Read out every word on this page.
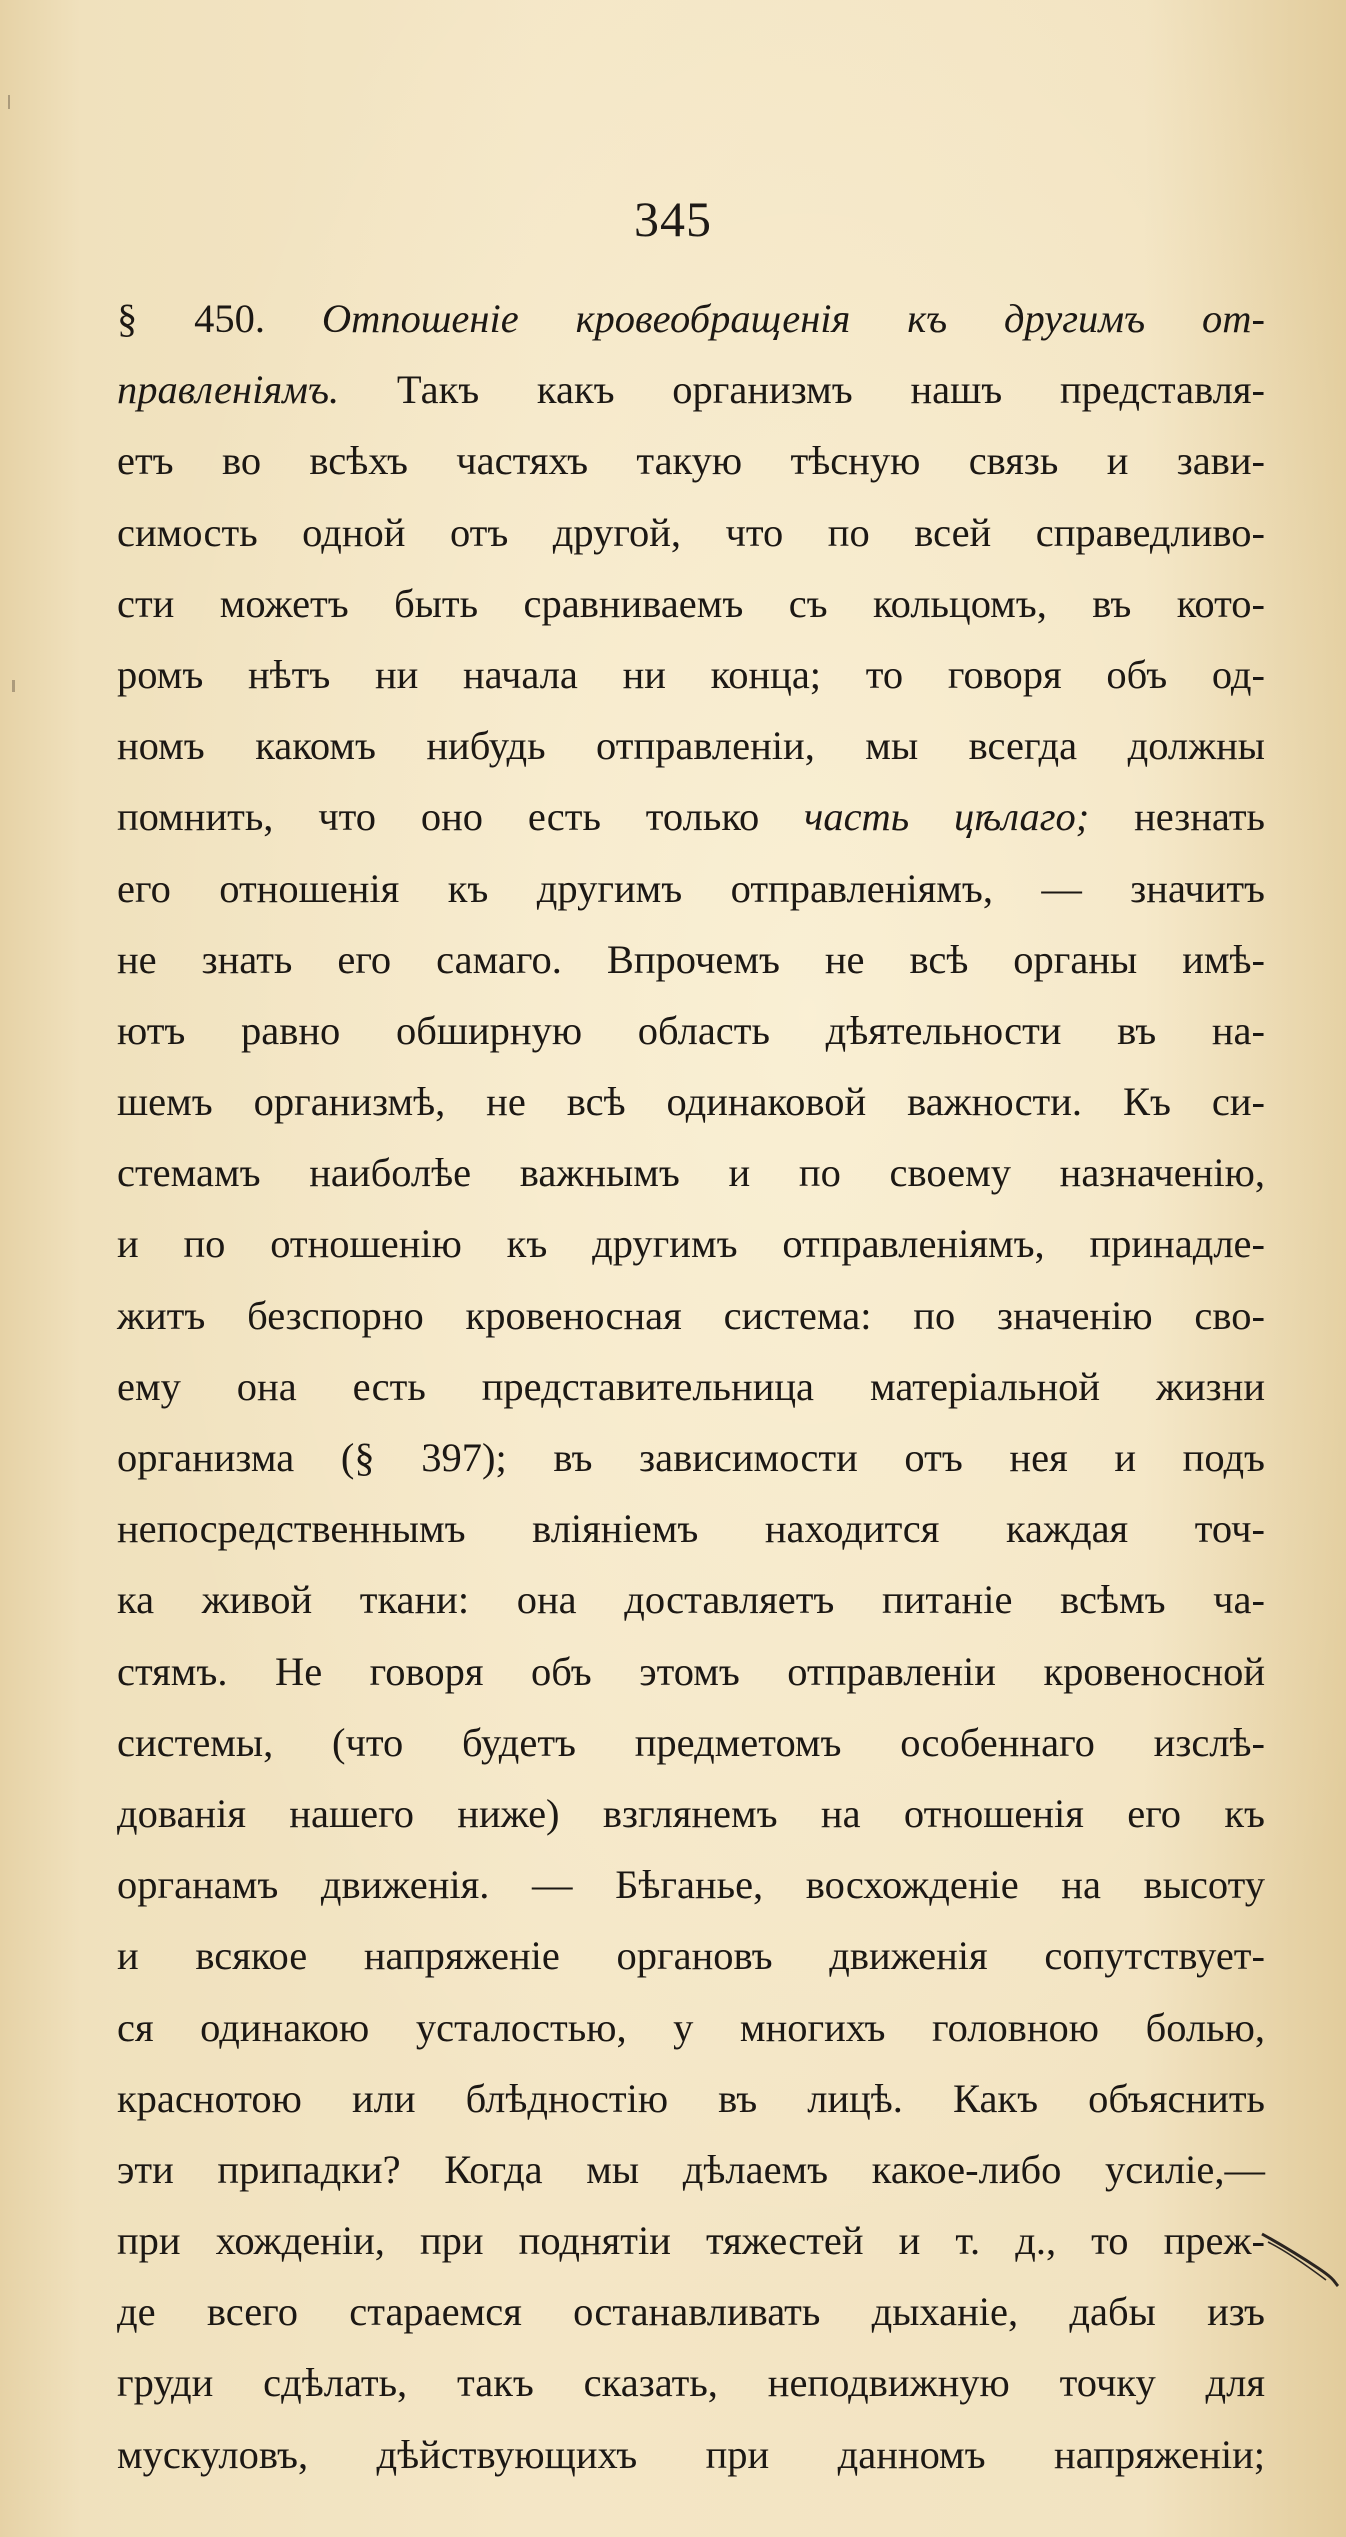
345
§ 450. Отпошеніе кровеобращенія къ другимъ от-
правленіямъ. Такъ какъ организмъ нашъ представля-
етъ во всѣхъ частяхъ такую тѣсную связь и зави-
симость одной отъ другой, что по всей справедливо-
сти можетъ быть сравниваемъ съ кольцомъ, въ кото-
ромъ нѣтъ ни начала ни конца; то говоря объ од-
номъ какомъ нибудь отправленіи, мы всегда должны
помнить, что оно есть только часть цѣлаго; незнать
его отношенія къ другимъ отправленіямъ, — значитъ
не знать его самаго. Впрочемъ не всѣ органы имѣ-
ютъ равно обширную область дѣятельности въ на-
шемъ организмѣ, не всѣ одинаковой важности. Къ си-
стемамъ наиболѣе важнымъ и по своему назначенію,
и по отношенію къ другимъ отправленіямъ, принадле-
житъ безспорно кровеносная система: по значенію сво-
ему она есть представительница матеріальной жизни
организма (§ 397); въ зависимости отъ нея и подъ
непосредственнымъ вліяніемъ находится каждая точ-
ка живой ткани: она доставляетъ питаніе всѣмъ ча-
стямъ. Не говоря объ этомъ отправленіи кровеносной
системы, (что будетъ предметомъ особеннаго изслѣ-
дованія нашего ниже) взглянемъ на отношенія его къ
органамъ движенія. — Бѣганье, восхожденіе на высоту
и всякое напряженіе органовъ движенія сопутствует-
ся одинакою усталостью, у многихъ головною болью,
краснотою или блѣдностію въ лицѣ. Какъ объяснить
эти припадки? Когда мы дѣлаемъ какое-либо усиліе,—
при хожденіи, при поднятіи тяжестей и т. д., то преж-
де всего стараемся останавливать дыханіе, дабы изъ
груди сдѣлать, такъ сказать, неподвижную точку для
мускуловъ, дѣйствующихъ при данномъ напряженіи;
